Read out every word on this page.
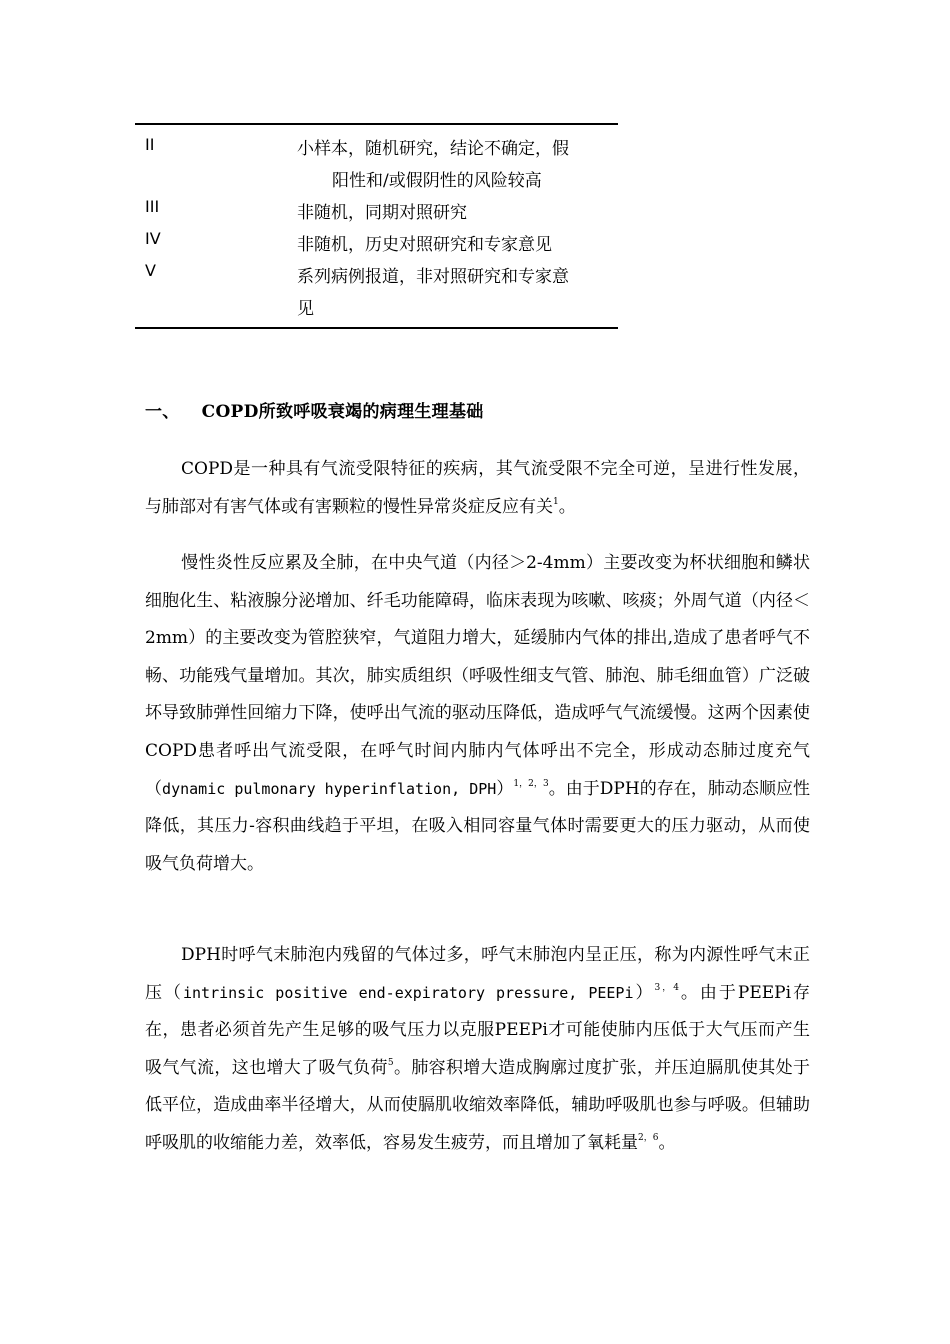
II	小样本，随机研究，结论不确定，假
阳性和/或假阴性的风险较高
III	非随机，同期对照研究
IV	非随机，历史对照研究和专家意见
V	系列病例报道，非对照研究和专家意
见
一、 COPD所致呼吸衰竭的病理生理基础

COPD是一种具有气流受限特征的疾病，其气流受限不完全可逆，呈进行性发展，与肺部对有害气体或有害颗粒的慢性异常炎症反应有关$^1$。

慢性炎性反应累及全肺，在中央气道（内径＞2-4mm）主要改变为杯状细胞和鳞状细胞化生、粘液腺分泌增加、纤毛功能障碍，临床表现为咳嗽、咳痰；外周气道（内径＜2mm）的主要改变为管腔狭窄，气道阻力增大，延缓肺内气体的排出,造成了患者呼气不畅、功能残气量增加。其次，肺实质组织（呼吸性细支气管、肺泡、肺毛细血管）广泛破坏导致肺弹性回缩力下降，使呼出气流的驱动压降低，造成呼气气流缓慢。这两个因素使COPD患者呼出气流受限，在呼气时间内肺内气体呼出不完全，形成动态肺过度充气（dynamic pulmonary hyperinflation, DPH）$^{1,2,3}$。由于DPH的存在，肺动态顺应性降低，其压力-容积曲线趋于平坦，在吸入相同容量气体时需要更大的压力驱动，从而使吸气负荷增大。

DPH时呼气末肺泡内残留的气体过多，呼气末肺泡内呈正压，称为内源性呼气末正压（intrinsic positive end-expiratory pressure, PEEPi）$^{3,4}$。由于PEEPi存在，患者必须首先产生足够的吸气压力以克服PEEPi才可能使肺内压低于大气压而产生吸气气流，这也增大了吸气负荷$^5$。肺容积增大造成胸廓过度扩张，并压迫膈肌使其处于低平位，造成曲率半径增大，从而使膈肌收缩效率降低，辅助呼吸肌也参与呼吸。但辅助呼吸肌的收缩能力差，效率低，容易发生疲劳，而且增加了氧耗量$^{2,6}$。
